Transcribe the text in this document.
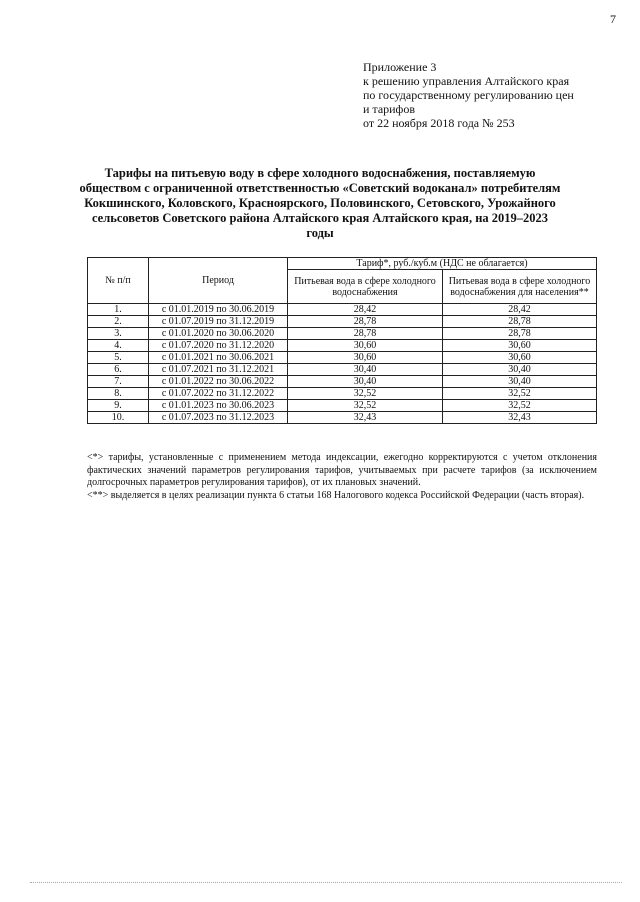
7
Приложение 3
к решению управления Алтайского края
по государственному регулированию цен
и тарифов
от 22 ноября 2018 года № 253
Тарифы на питьевую воду в сфере холодного водоснабжения, поставляемую обществом с ограниченной ответственностью «Советский водоканал» потребителям Кокшинского, Коловского, Красноярского, Половинского, Сетовского, Урожайного сельсоветов Советского района Алтайского края Алтайского края, на 2019–2023 годы
№ п/п	Период	Тариф*, руб./куб.м (НДС не облагается)	
		Питьевая вода в сфере холодного водоснабжения	Питьевая вода в сфере холодного водоснабжения для населения**
1.	с 01.01.2019 по 30.06.2019	28,42	28,42
2.	с 01.07.2019 по 31.12.2019	28,78	28,78
3.	с 01.01.2020 по 30.06.2020	28,78	28,78
4.	с 01.07.2020 по 31.12.2020	30,60	30,60
5.	с 01.01.2021 по 30.06.2021	30,60	30,60
6.	с 01.07.2021 по 31.12.2021	30,40	30,40
7.	с 01.01.2022 по 30.06.2022	30,40	30,40
8.	с 01.07.2022 по 31.12.2022	32,52	32,52
9.	с 01.01.2023 по 30.06.2023	32,52	32,52
10.	с 01.07.2023 по 31.12.2023	32,43	32,43

<*> тарифы, установленные с применением метода индексации, ежегодно корректируются с учетом отклонения фактических значений параметров регулирования тарифов, учитываемых при расчете тарифов (за исключением долгосрочных параметров регулирования тарифов), от их плановых значений.

<**> выделяется в целях реализации пункта 6 статьи 168 Налогового кодекса Российской Федерации (часть вторая).
